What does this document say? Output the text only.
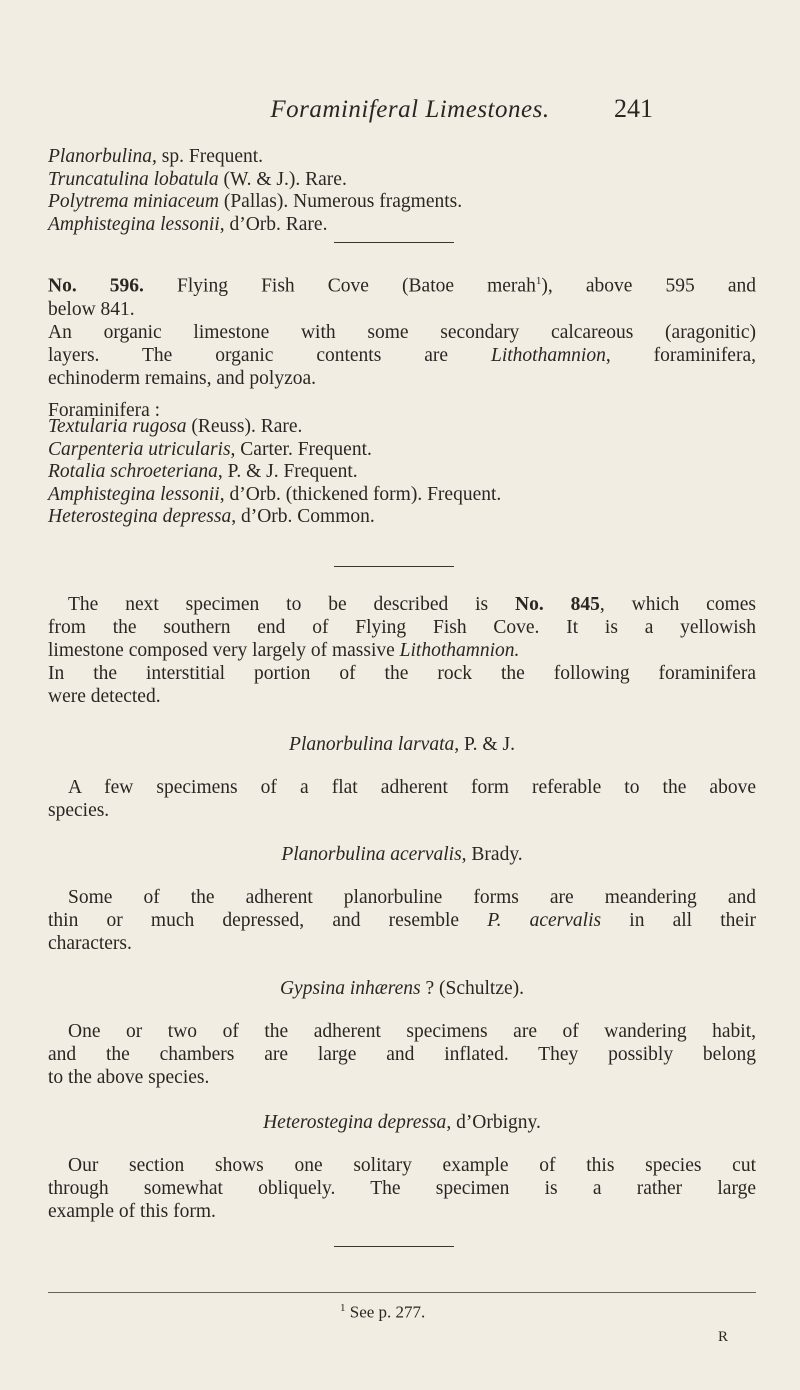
Foraminiferal Limestones.	241
Planorbulina, sp. Frequent.
Truncatulina lobatula (W. & J.). Rare.
Polytrema miniaceum (Pallas). Numerous fragments.
Amphistegina lessonii, d’Orb. Rare.
No. 596. Flying Fish Cove (Batoe merah$^1$), above 595 and
below 841.
An organic limestone with some secondary calcareous (aragonitic)
layers. The organic contents are Lithothamnion, foraminifera,
echinoderm remains, and polyzoa.
Foraminifera :
Textularia rugosa (Reuss). Rare.
Carpenteria utricularis, Carter. Frequent.
Rotalia schroeteriana, P. & J. Frequent.
Amphistegina lessonii, d’Orb. (thickened form). Frequent.
Heterostegina depressa, d’Orb. Common.
The next specimen to be described is No. 845, which comes
from the southern end of Flying Fish Cove. It is a yellowish
limestone composed very largely of massive Lithothamnion.
In the interstitial portion of the rock the following foraminifera
were detected.
Planorbulina larvata, P. & J.
A few specimens of a flat adherent form referable to the above
species.
Planorbulina acervalis, Brady.
Some of the adherent planorbuline forms are meandering and
thin or much depressed, and resemble P. acervalis in all their
characters.
Gypsina inhærens ? (Schultze).
One or two of the adherent specimens are of wandering habit,
and the chambers are large and inflated. They possibly belong
to the above species.
Heterostegina depressa, d’Orbigny.
Our section shows one solitary example of this species cut
through somewhat obliquely. The specimen is a rather large
example of this form.
$^1$ See p. 277.
R
